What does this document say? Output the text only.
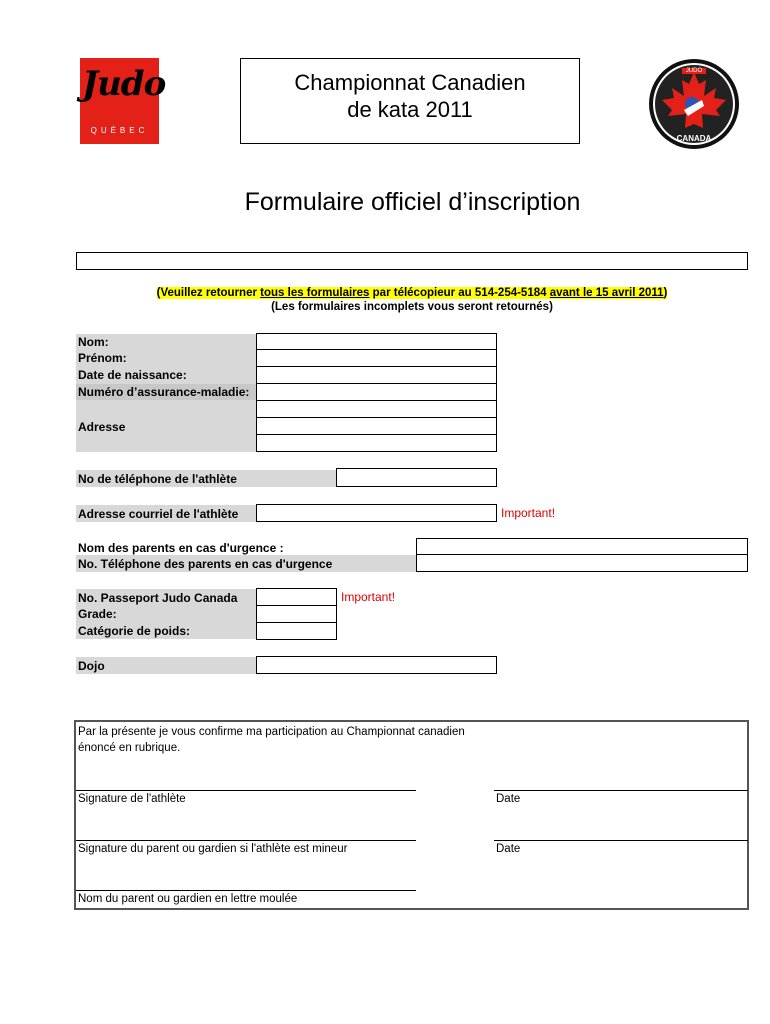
Judo
QUÉBEC
Championnat Canadien
de kata 2011
JUDO
CANADA
Formulaire officiel d’inscription
(Veuillez retourner tous les formulaires par télécopieur au 514-254-5184 avant le 15 avril 2011)
(Les formulaires incomplets vous seront retournés)
Nom:
Prénom:
Date de naissance:
Numéro d’assurance-maladie:
Adresse
No de téléphone de l'athlète
Adresse courriel de l'athlète	Important!
Nom des parents en cas d'urgence :
No. Téléphone des parents en cas d'urgence
No. Passeport Judo Canada
Grade:
Catégorie de poids:
Important!
Dojo
Par la présente je vous confirme ma participation au Championnat canadien
énoncé en rubrique.
Signature de l'athlète	Date
Signature du parent ou gardien si l'athlète est mineur	Date
Nom du parent ou gardien en lettre moulée
